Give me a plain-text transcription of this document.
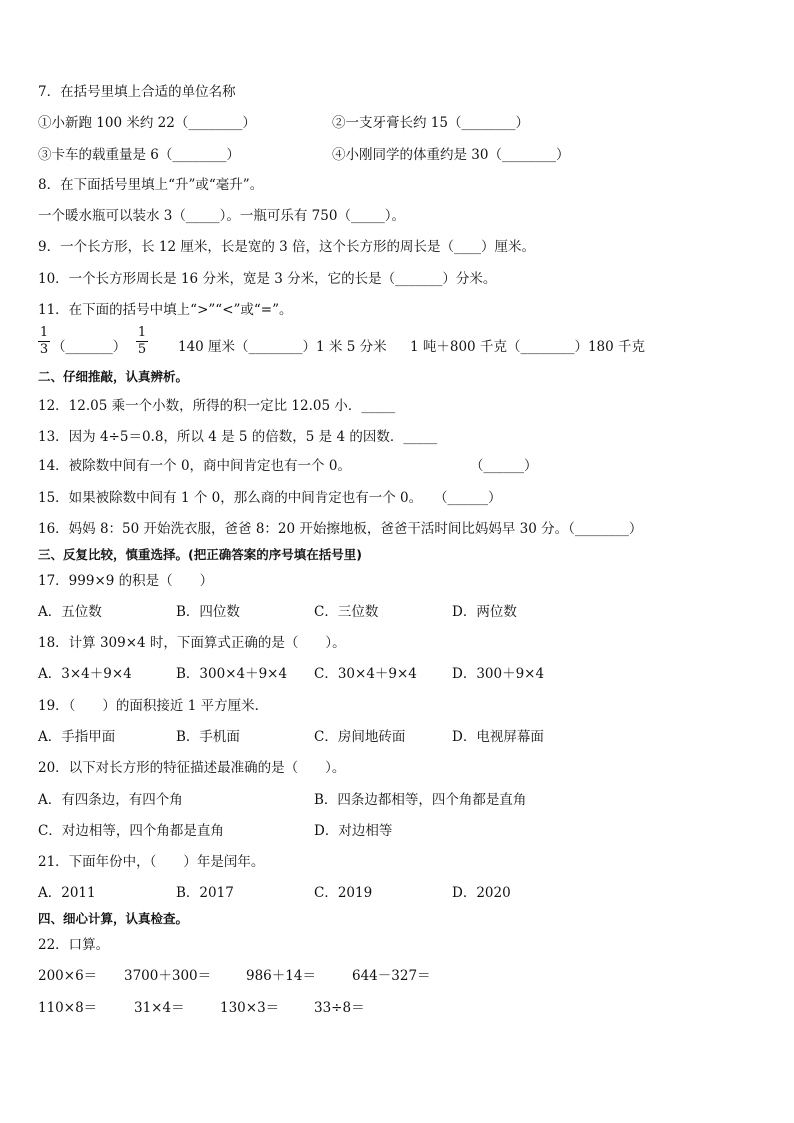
7．在括号里填上合适的单位名称
①小新跑 100 米约 22（________）	②一支牙膏长约 15（________）
③卡车的载重量是 6（________）	④小刚同学的体重约是 30（________）
8．在下面括号里填上“升”或“毫升”。
一个暖水瓶可以装水 3（_____）。一瓶可乐有 750（_____）。
9．一个长方形，长 12 厘米，长是宽的 3 倍，这个长方形的周长是（____）厘米。
10．一个长方形周长是 16 分米，宽是 3 分米，它的长是（_______）分米。
11．在下面的括号中填上“>”“<”或“=”。
1
3 （_______）
1
5 140 厘米（________）1 米 5 分米 1 吨＋800 千克（________）180 千克
二、仔细推敲，认真辨析。
12．12.05 乘一个小数，所得的积一定比 12.05 小．_____
13．因为 4÷5＝0.8，所以 4 是 5 的倍数，5 是 4 的因数．_____
14．被除数中间有一个 0，商中间肯定也有一个 0。	（______）
15．如果被除数中间有 1 个 0，那么商的中间肯定也有一个 0。 （______）
16．妈妈 8：50 开始洗衣服，爸爸 8：20 开始擦地板，爸爸干活时间比妈妈早 30 分。（________）
三、反复比较，慎重选择。(把正确答案的序号填在括号里)
17．999×9 的积是（　　）
A．五位数	B．四位数	C．三位数	D．两位数
18．计算 309×4 时，下面算式正确的是（　　）。
A．3×4＋9×4	B．300×4＋9×4 C．30×4＋9×4	D．300＋9×4
19．（　　）的面积接近 1 平方厘米．
A．手指甲面	B．手机面	C．房间地砖面	D．电视屏幕面
20．以下对长方形的特征描述最准确的是（　　）。
A．有四条边，有四个角	B．四条边都相等，四个角都是直角
C．对边相等，四个角都是直角	D．对边相等
21．下面年份中，（　　）年是闰年。
A．2011	B．2017	C．2019	D．2020
四、细心计算，认真检查。
22．口算。
200×6＝ 3700＋300＝	986＋14＝	644－327＝
110×8＝	31×4＝	130×3＝	33÷8＝
